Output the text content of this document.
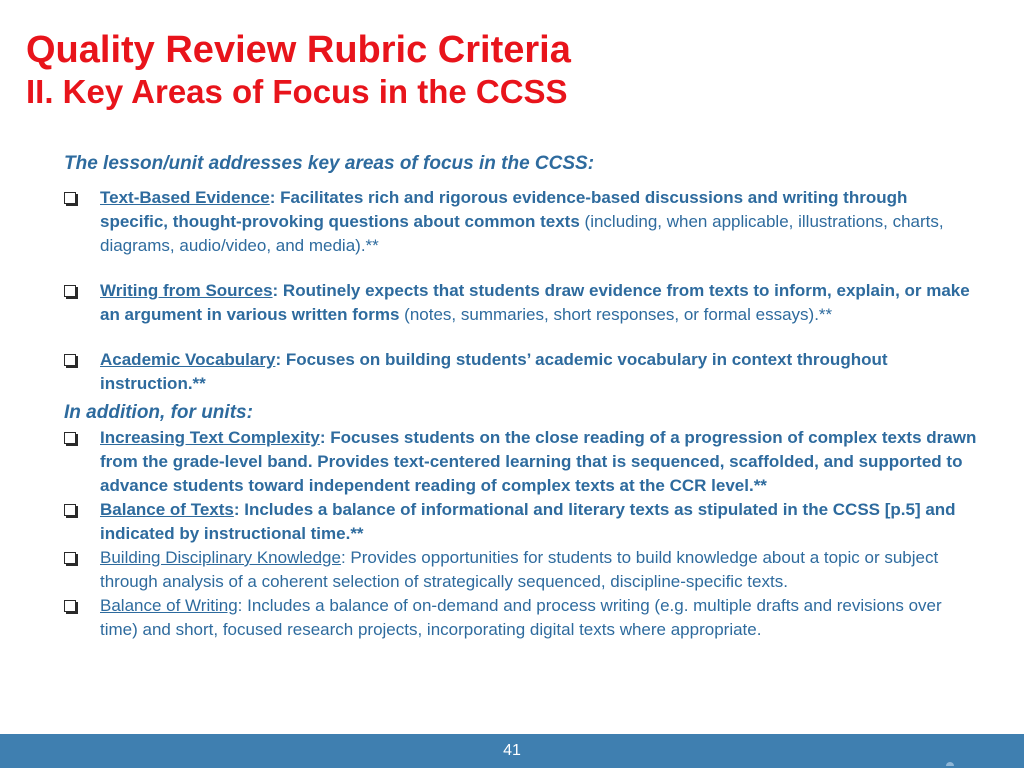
Quality Review Rubric Criteria
II. Key Areas of Focus in the CCSS
The lesson/unit addresses key areas of focus in the CCSS:
Text-Based Evidence: Facilitates rich and rigorous evidence-based discussions and writing through specific, thought-provoking questions about common texts (including, when applicable, illustrations, charts, diagrams, audio/video, and media).**
Writing from Sources: Routinely expects that students draw evidence from texts to inform, explain, or make an argument in various written forms (notes, summaries, short responses, or formal essays).**
Academic Vocabulary: Focuses on building students’ academic vocabulary in context throughout instruction.**
In addition, for units:
Increasing Text Complexity: Focuses students on the close reading of a progression of complex texts drawn from the grade-level band. Provides text-centered learning that is sequenced, scaffolded, and supported to advance students toward independent reading of complex texts at the CCR level.**
Balance of Texts: Includes a balance of informational and literary texts as stipulated in the CCSS [p.5] and indicated by instructional time.**
Building Disciplinary Knowledge: Provides opportunities for students to build knowledge about a topic or subject through analysis of a coherent selection of strategically sequenced, discipline-specific texts.
Balance of Writing: Includes a balance of on-demand and process writing (e.g. multiple drafts and revisions over time) and short, focused research projects, incorporating digital texts where appropriate.
41
